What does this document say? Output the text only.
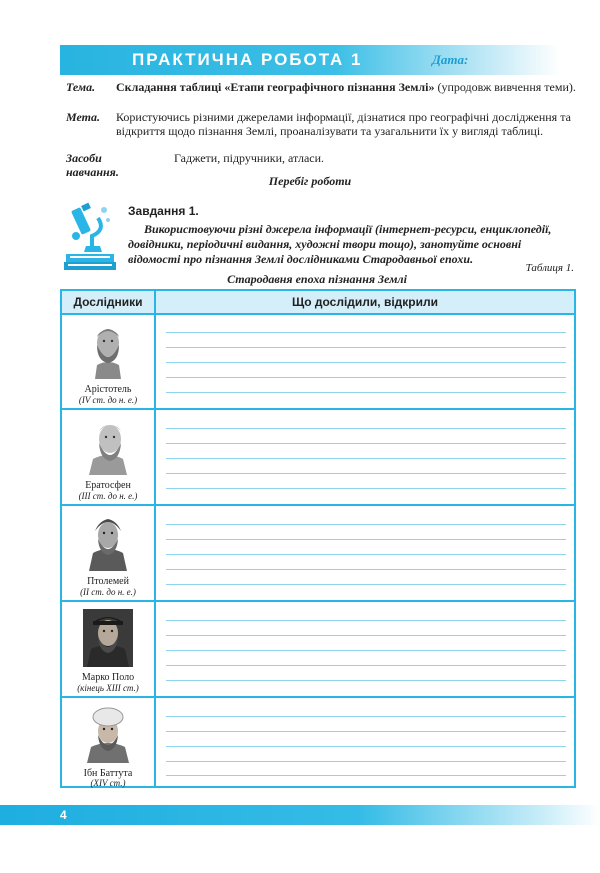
ПРАКТИЧНА РОБОТА 1	Дата:
Тема. Складання таблиці «Етапи географічного пізнання Землі» (упродовж вивчення теми).
Мета. Користуючись різними джерелами інформації, дізнатися про географічні дослідження та відкриття щодо пізнання Землі, проаналізувати та узагальнити їх у вигляді таблиці.
Засоби навчання.
Гаджети, підручники, атласи.
Перебіг роботи
Завдання 1.
Використовуючи різні джерела інформації (інтернет-ресурси, енциклопедії, довідники, періодичні видання, художні твори тощо), занотуйте основні відомості про пізнання Землі дослідниками Стародавньої епохи.
Таблиця 1.
Стародавня епоха пізнання Землі
Дослідники	Що дослідили, відкрили
Арістотель
(IV ст. до н. е.)
Ератосфен
(III ст. до н. е.)
Птолемей
(II ст. до н. е.)
Марко Поло
(кінець XIII ст.)
Ібн Баттута
(XIV ст.)
4
